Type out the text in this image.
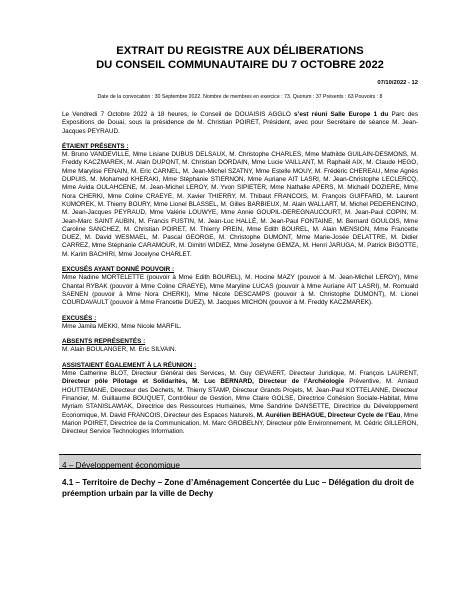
EXTRAIT DU REGISTRE AUX DÉLIBERATIONS

DU CONSEIL COMMUNAUTAIRE DU 7 OCTOBRE 2022

07/10/2022 - 12
Date de la convocation : 30 Septembre 2022. Nombre de membres en exercice : 73. Quorum : 37 Présents : 63 Pouvoirs : 8

Le Vendredi 7 Octobre 2022 à 18 heures, le Conseil de DOUAISIS AGGLO s’est réuni Salle Europe 1 du Parc des Expositions de Douai, sous la présidence de M. Christian POIRET, Président, avec pour Secrétaire de séance M. Jean-Jacques PEYRAUD.

ÉTAIENT PRÉSENTS :

M. Bruno VANDEVILLE, Mme Lisiane DUBUS DELSAUX, M. Christophe CHARLES, Mme Mathilde GUILAIN-DESMONS, M. Freddy KACZMAREK, M. Alain DUPONT, M. Christian DORDAIN, Mme Lucie VAILLANT, M. Raphaël AIX, M. Claude HEGO, Mme Marylise FENAIN, M. Eric CARNEL, M. Jean-Michel SZATNY, Mme Estelle MOUY, M. Frédéric CHEREAU, Mme Agnès DUPUIS, M. Mohamed KHERAKI, Mme Stéphanie STIERNON, Mme Auriane AIT LASRI, M. Jean-Christophe LECLERCQ, Mme Avida OULAHCENE, M. Jean-Michel LEROY, M. Yvon SIPIETER, Mme Nathalie APERS, M. Michaël DOZIERE, Mme Nora CHERKI, Mme Coline CRAEYE, M. Xavier THIERRY, M. Thibaut FRANCOIS, M. François GUIFFARD, M. Laurent KUMOREK, M. Thierry BOURY, Mme Lionel BLASSEL, M. Gilles BARBIEUX, M. Alain WALLART, M. Michel PEDERENCINO, M. Jean-Jacques PEYRAUD, Mme Valérie LOUWYE, Mme Annie GOUPIL-DEREGNAUCOURT, M. Jean-Paul COPIN, M. Jean-Marc SAINT AUBIN, M. Francis FUSTIN, M. Jean-Luc HALLÉ, M. Jean-Paul FONTAINE, M. Bernard GOULOIS, Mme Caroline SANCHEZ, M. Christian POIRET, M. Thierry PREIN, Mme Edith BOUREL, M. Alain MENSION, Mme Francette DUEZ, M. David WESMAEL, M. Pascal GEORGE, M. Christophe DUMONT, Mme Marie-Josée DELATTRE, M. Didier CARREZ, Mme Stéphanie CARAMOUR, M. Dimitri WIDIEZ, Mme Joselyne GEMZA, M. Henri JARUGA, M. Patrick BIGOTTE, M. Karim BACHIRI, Mme Jocelyne CHARLET.

EXCUSÉS AYANT DONNÉ POUVOIR :

Mme Nadine MORTELETTE (pouvoir à Mme Edith BOUREL), M. Hocine MAZY (pouvoir à M. Jean-Michel LEROY), Mme Chantal RYBAK (pouvoir à Mme Coline CRAEYE), Mme Maryline LUCAS (pouvoir à Mme Auriane AIT LASRI), M. Romuald SAENEN (pouvoir à Mme Nora CHERKI), Mme Nicole DESCAMPS (pouvoir à M. Christophe DUMONT), M. Lionel COURDAVAULT (pouvoir à Mme Francette DUEZ), M. Jacques MICHON (pouvoir à M. Freddy KACZMAREK).

EXCUSÉS :

Mme Jamila MEKKI, Mme Nicole MARFIL.

ABSENTS REPRÉSENTÉS :

M. Alain BOULANGER, M. Eric SILVAIN.

ASSISTAIENT ÉGALEMENT À LA RÉUNION :

Mme Catherine BLOT, Directeur Général des Services, M. Guy GEVAERT, Directeur Juridique, M. François LAURENT, Directeur pôle Pilotage et Solidarités, M. Luc BERNARD, Directeur de l’Archéologie Préventive, M. Arnaud HOUTTEMANE, Directeur des Déchets, M. Thierry STAMP, Directeur Grands Projets, M. Jean-Paul KOTTELANNE, Directeur Financier, M. Guillaume BOUQUET, Contrôleur de Gestion, Mme Claire GOLSE, Directrice Cohésion Sociale-Habitat, Mme Myriam STANISLAWIAK, Directrice des Ressources Humaines, Mme Sandrine DANSETTE, Directrice du Développement Economique, M. David FRANCOIS, Directeur des Espaces Naturels, M. Aurélien BEHAGUE, Directeur Cycle de l’Eau, Mme Marion POIRET, Directrice de la Communication, M. Marc GROBELNY, Directeur pôle Environnement, M. Cédric GILLERON, Directeur Service Technologies Information.

4 – Développement économique
4.1 – Territoire de Dechy – Zone d’Aménagement Concertée du Luc – Délégation du droit de préemption urbain par la ville de Dechy
